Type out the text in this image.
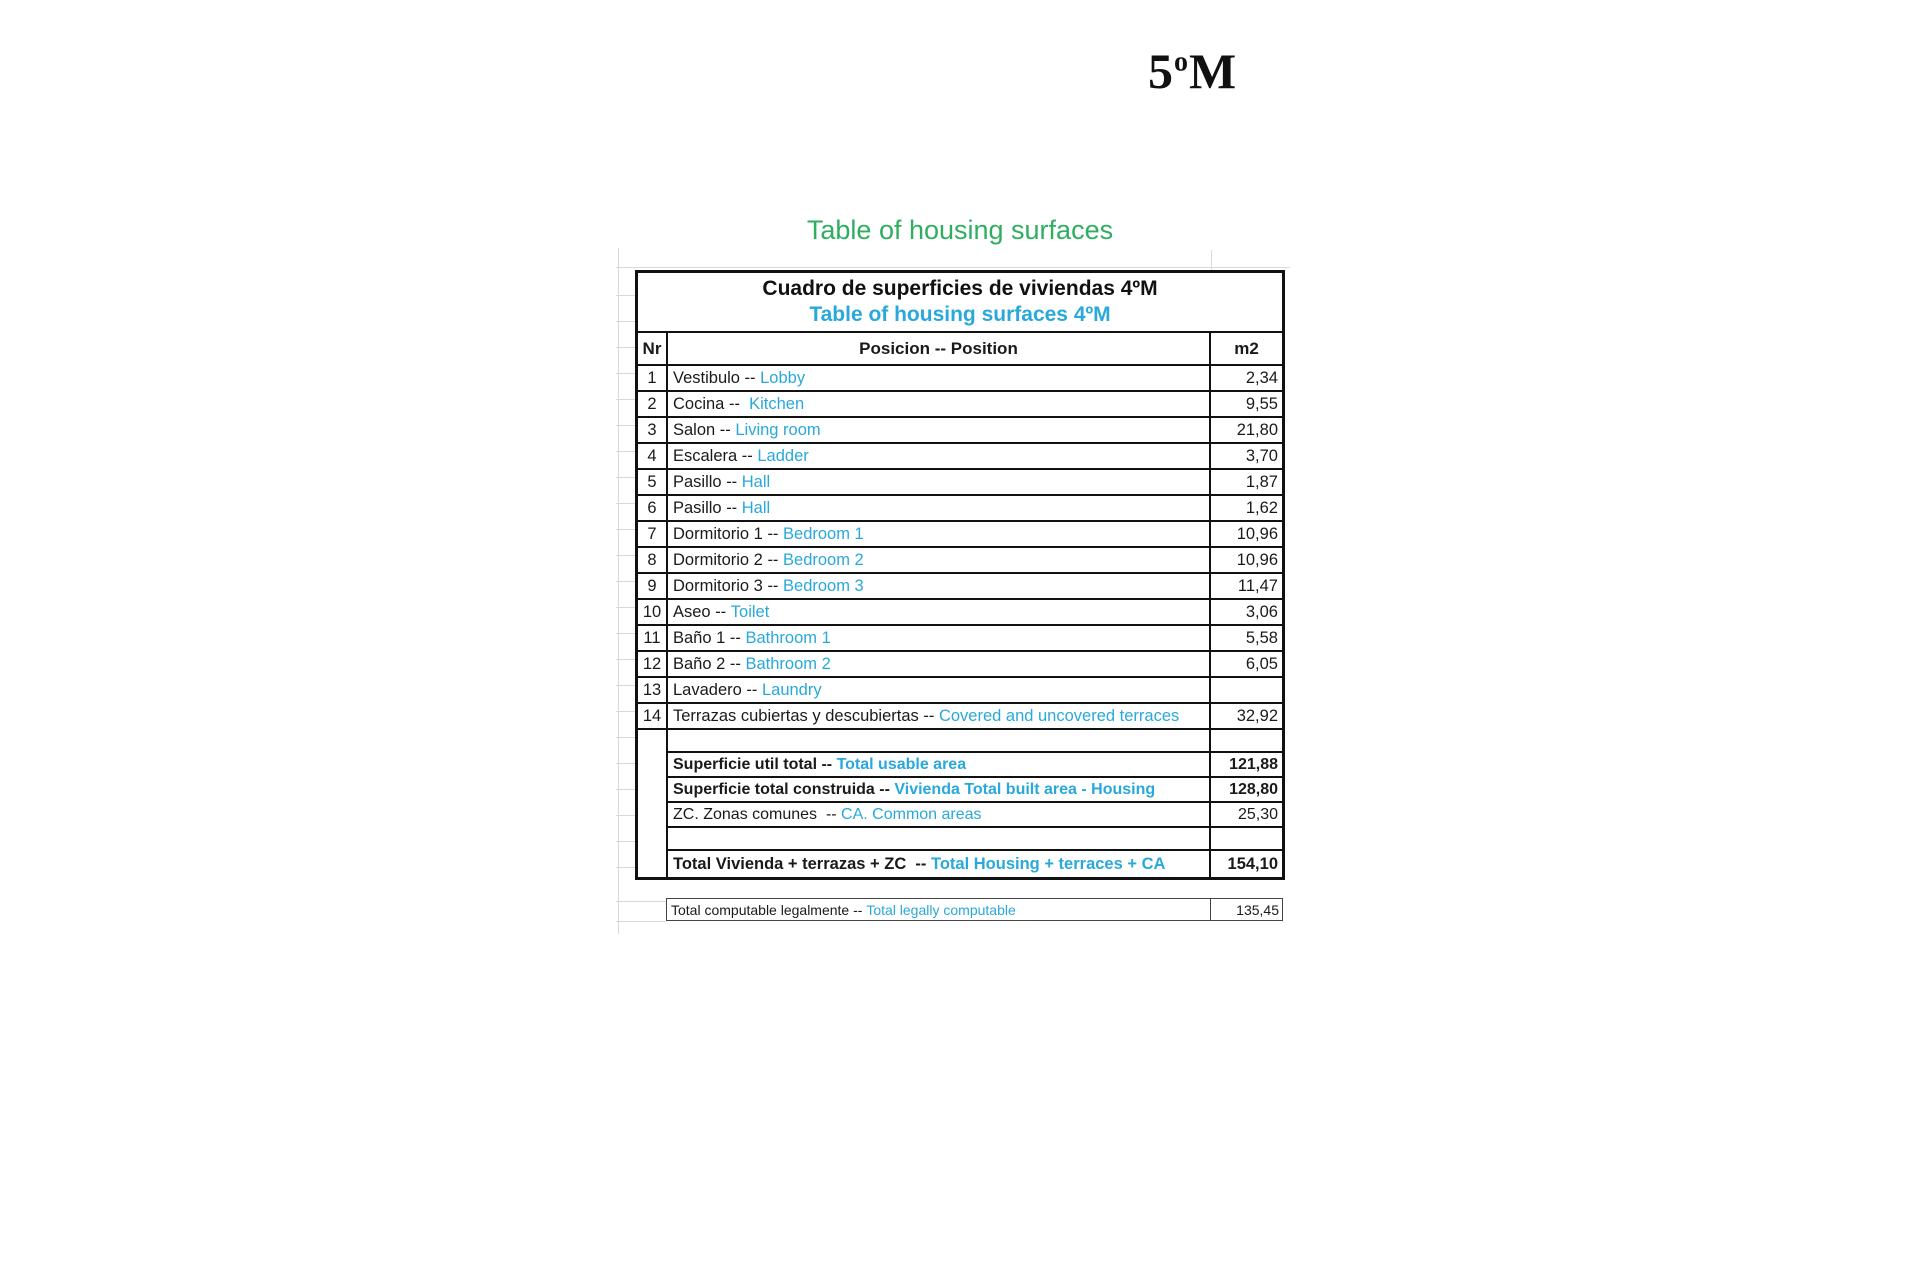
5$^o$M
Table of housing surfaces
Cuadro de superficies de viviendas 4ºM
Table of housing surfaces 4ºM
Nr	Posicion -- Position	m2
1 Vestibulo -- Lobby	2,34
2 Cocina -- Kitchen	9,55
3 Salon -- Living room	21,80
4 Escalera -- Ladder	3,70
5 Pasillo -- Hall	1,87
6 Pasillo -- Hall	1,62
7 Dormitorio 1 -- Bedroom 1	10,96
8 Dormitorio 2 -- Bedroom 2	10,96
9 Dormitorio 3 -- Bedroom 3	11,47
10 Aseo -- Toilet	3,06
11 Baño 1 -- Bathroom 1	5,58
12 Baño 2 -- Bathroom 2	6,05
13 Lavadero -- Laundry
14 Terrazas cubiertas y descubiertas -- Covered and uncovered terraces	32,92
Superficie util total -- Total usable area	121,88
Superficie total construida -- Vivienda Total built area - Housing	128,80
ZC. Zonas comunes  -- CA. Common areas	25,30
Total Vivienda + terrazas + ZC  -- Total Housing + terraces + CA	154,10
Total computable legalmente -- Total legally computable	135,45
